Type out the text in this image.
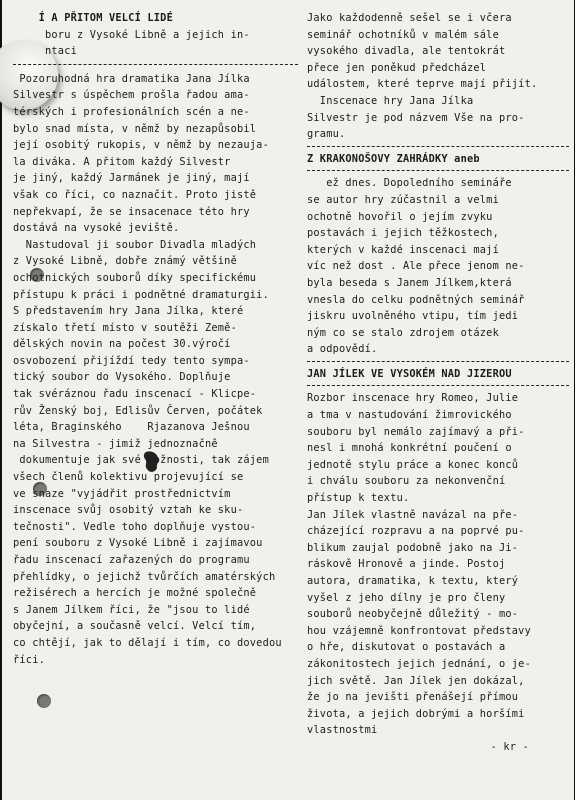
Í A PŘITOM VELCÍ LIDÉ
boru z Vysoké Libně a jejich in-
ntaci
Pozoruhodná hra dramatika Jana Jílka
Silvestr s úspěchem prošla řadou ama-
térských i profesionálních scén a ne-
bylo snad místa, v němž by nezapůsobil
její osobitý rukopis, v němž by nezauja-
la diváka. A přitom každý Silvestr
je jiný, každý Jarmánek je jiný, mají
však co říci, co naznačit. Proto jistě
nepřekvapí, že se insacenace této hry
dostává na vysoké jeviště.
Nastudoval ji soubor Divadla mladých
z Vysoké Libně, dobře známý většině
ochotnických souborů díky specifickému
přístupu k práci i podnětné dramaturgii.
S představením hry Jana Jílka, které
získalo třetí místo v soutěži Země-
dělských novin na počest 30.výročí
osvobození přijíždí tedy tento sympa-
tický soubor do Vysokého. Doplňuje
tak svéráznou řadu inscenací - Klicpe-
rův Ženský boj, Edlisův Červen, počátek
léta, Braginského    Rjazanova Ješnou
na Silvestra - jimiž jednoznačně
dokumentuje jak své možnosti, tak zájem
všech členů kolektivu projevující se
ve snaze "vyjádřit prostřednictvím
inscenace svůj osobitý vztah ke sku-
tečnosti". Vedle toho doplňuje vystou-
pení souboru z Vysoké Libně i zajímavou
řadu inscenací zařazených do programu
přehlídky, o jejichž tvůrčích amatérských
režisérech a hercích je možné společně
s Janem Jílkem říci, že "jsou to lidé
obyčejní, a současně velcí. Velcí tím,
co chtějí, jak to dělají i tím, co dovedou
říci.
Jako každodenně sešel se i včera
seminář ochotníků v malém sále
vysokého divadla, ale tentokrát
přece jen poněkud předcházel
událostem, které teprve mají přijít.
Inscenace hry Jana Jílka
Silvestr je pod názvem Vše na pro-
gramu.
Z KRAKONOŠOVY ZAHRÁDKY aneb
ež dnes. Dopoledního semináře
se autor hry zúčastnil a velmi
ochotně hovořil o jejím zvyku
postavách i jejich těžkostech,
kterých v každé inscenaci mají
víc než dost . Ale přece jenom ne-
byla beseda s Janem Jílkem,která
vnesla do celku podnětných seminář
jiskru uvolněného vtipu, tím jedi
ným co se stalo zdrojem otázek
a odpovědí.
JAN JÍLEK VE VYSOKÉM NAD JIZEROU
Rozbor inscenace hry Romeo, Julie
a tma v nastudování žimrovického
souboru byl nemálo zajímavý a při-
nesl i mnohá konkrétní poučení o
jednotě stylu práce a konec konců
i chválu souboru za nekonvenční
přístup k textu.
Jan Jílek vlastně navázal na pře-
cházející rozpravu a na poprvé pu-
blikum zaujal podobně jako na Ji-
ráskově Hronově a jinde. Postoj
autora, dramatika, k textu, který
vyšel z jeho dílny je pro členy
souborů neobyčejně důležitý - mo-
hou vzájemně konfrontovat představy
o hře, diskutovat o postavách a
zákonitostech jejich jednání, o je-
jich světě. Jan Jílek jen dokázal,
že jo na jevišti přenášejí přímou
života, a jejich dobrými a horšími
vlastnostmi
- kr -
